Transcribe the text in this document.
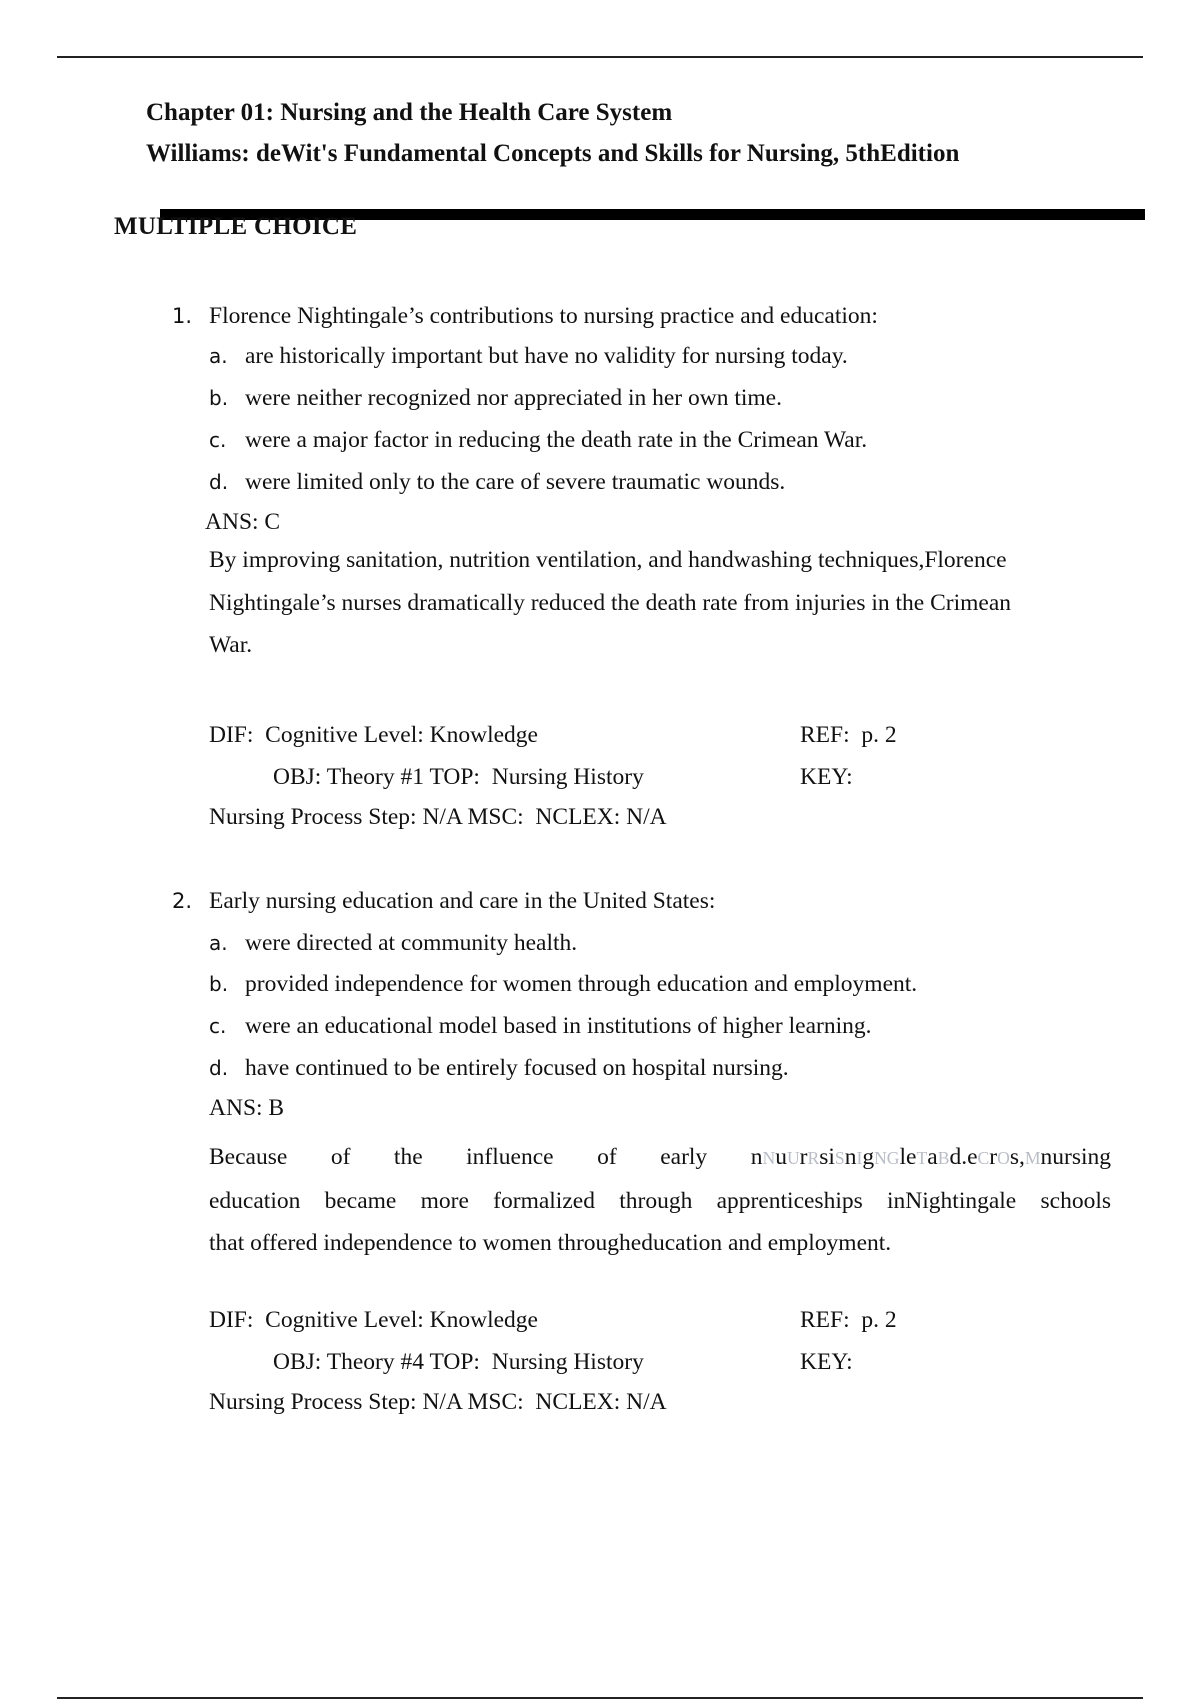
Chapter 01: Nursing and the Health Care System
Williams: deWit's Fundamental Concepts and Skills for Nursing, 5thEdition
MULTIPLE CHOICE
1. Florence Nightingale’s contributions to nursing practice and education:
a. are historically important but have no validity for nursing today.
b. were neither recognized nor appreciated in her own time.
c. were a major factor in reducing the death rate in the Crimean War.
d. were limited only to the care of severe traumatic wounds.
ANS: C
By improving sanitation, nutrition ventilation, and handwashing techniques,Florence
Nightingale’s nurses dramatically reduced the death rate from injuries in the Crimean
War.
DIF: Cognitive Level: Knowledge	REF: p. 2
OBJ: Theory #1 TOP: Nursing History	KEY:
Nursing Process Step: N/A MSC: NCLEX: N/A
2. Early nursing education and care in the United States:
a. were directed at community health.
b. provided independence for women through education and employment.
c. were an educational model based in institutions of higher learning.
d. have continued to be entirely focused on hospital nursing.
ANS: B
Because of the influence of early nNuUrRsiSnIgNGleTaBd.eCrOs,Mnursing
education became more formalized through apprenticeships inNightingale schools
that offered independence to women througheducation and employment.
DIF: Cognitive Level: Knowledge	REF: p. 2
OBJ: Theory #4 TOP: Nursing History	KEY:
Nursing Process Step: N/A MSC: NCLEX: N/A
